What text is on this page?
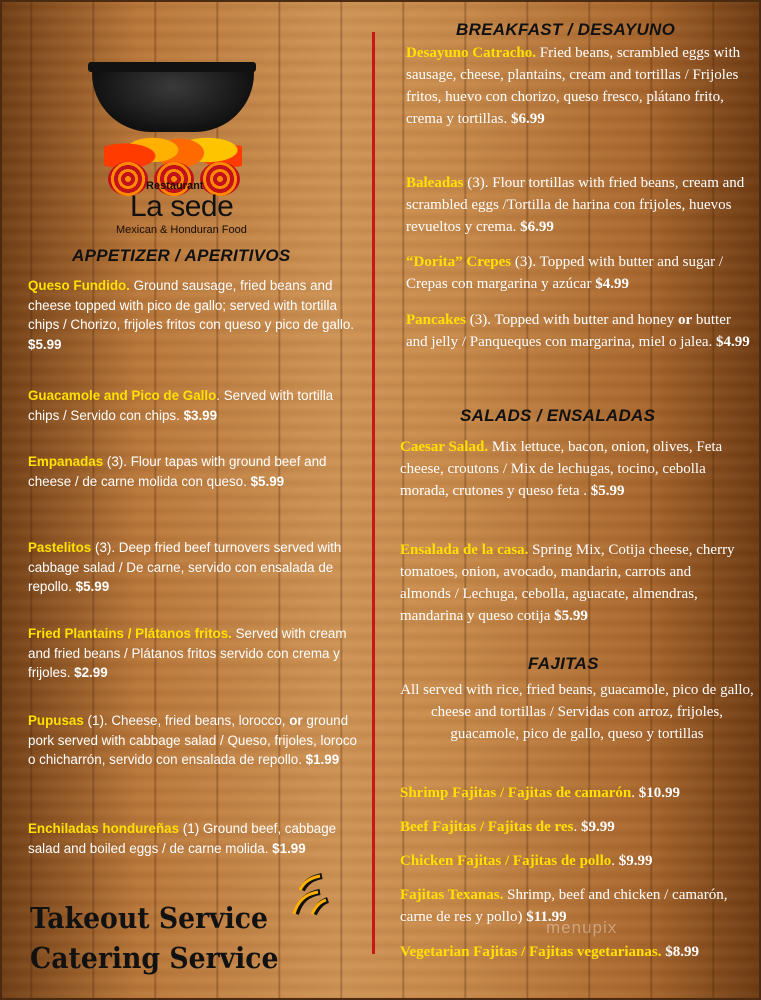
Restaurant
La sede
Mexican & Honduran Food
APPETIZER / APERITIVOS
Queso Fundido. Ground sausage, fried beans and cheese topped with pico de gallo; served with tortilla chips / Chorizo, frijoles fritos con queso y pico de gallo. $5.99
Guacamole and Pico de Gallo. Served with tortilla chips / Servido con chips. $3.99
Empanadas (3). Flour tapas with ground beef and cheese / de carne molida con queso. $5.99
Pastelitos (3). Deep fried beef turnovers served with cabbage salad / De carne, servido con ensalada de repollo. $5.99
Fried Plantains / Plátanos fritos. Served with cream and fried beans / Plátanos fritos servido con crema y frijoles. $2.99
Pupusas (1). Cheese, fried beans, lorocco, or ground pork served with cabbage salad / Queso, frijoles, loroco o chicharrón, servido con ensalada de repollo. $1.99
Enchiladas hondureñas (1) Ground beef, cabbage salad and boiled eggs / de carne molida. $1.99
Takeout Service
Catering Service
BREAKFAST / DESAYUNO
Desayuno Catracho. Fried beans, scrambled eggs with sausage, cheese, plantains, cream and tortillas / Frijoles fritos, huevo con chorizo, queso fresco, plátano frito, crema y tortillas. $6.99
Baleadas (3). Flour tortillas with fried beans, cream and scrambled eggs /Tortilla de harina con frijoles, huevos revueltos y crema. $6.99
“Dorita” Crepes (3). Topped with butter and sugar / Crepas con margarina y azúcar $4.99
Pancakes (3). Topped with butter and honey or butter and jelly / Panqueques con margarina, miel o jalea. $4.99
SALADS / ENSALADAS
Caesar Salad. Mix lettuce, bacon, onion, olives, Feta cheese, croutons / Mix de lechugas, tocino, cebolla morada, crutones y queso feta . $5.99
Ensalada de la casa. Spring Mix, Cotija cheese, cherry tomatoes, onion, avocado, mandarin, carrots and almonds / Lechuga, cebolla, aguacate, almendras, mandarina y queso cotija $5.99
FAJITAS
All served with rice, fried beans, guacamole, pico de gallo, cheese and tortillas / Servidas con arroz, frijoles, guacamole, pico de gallo, queso y tortillas
Shrimp Fajitas / Fajitas de camarón. $10.99
Beef Fajitas / Fajitas de res. $9.99
Chicken Fajitas / Fajitas de pollo. $9.99
Fajitas Texanas. Shrimp, beef and chicken / camarón, carne de res y pollo) $11.99
Vegetarian Fajitas / Fajitas vegetarianas. $8.99
menupix
